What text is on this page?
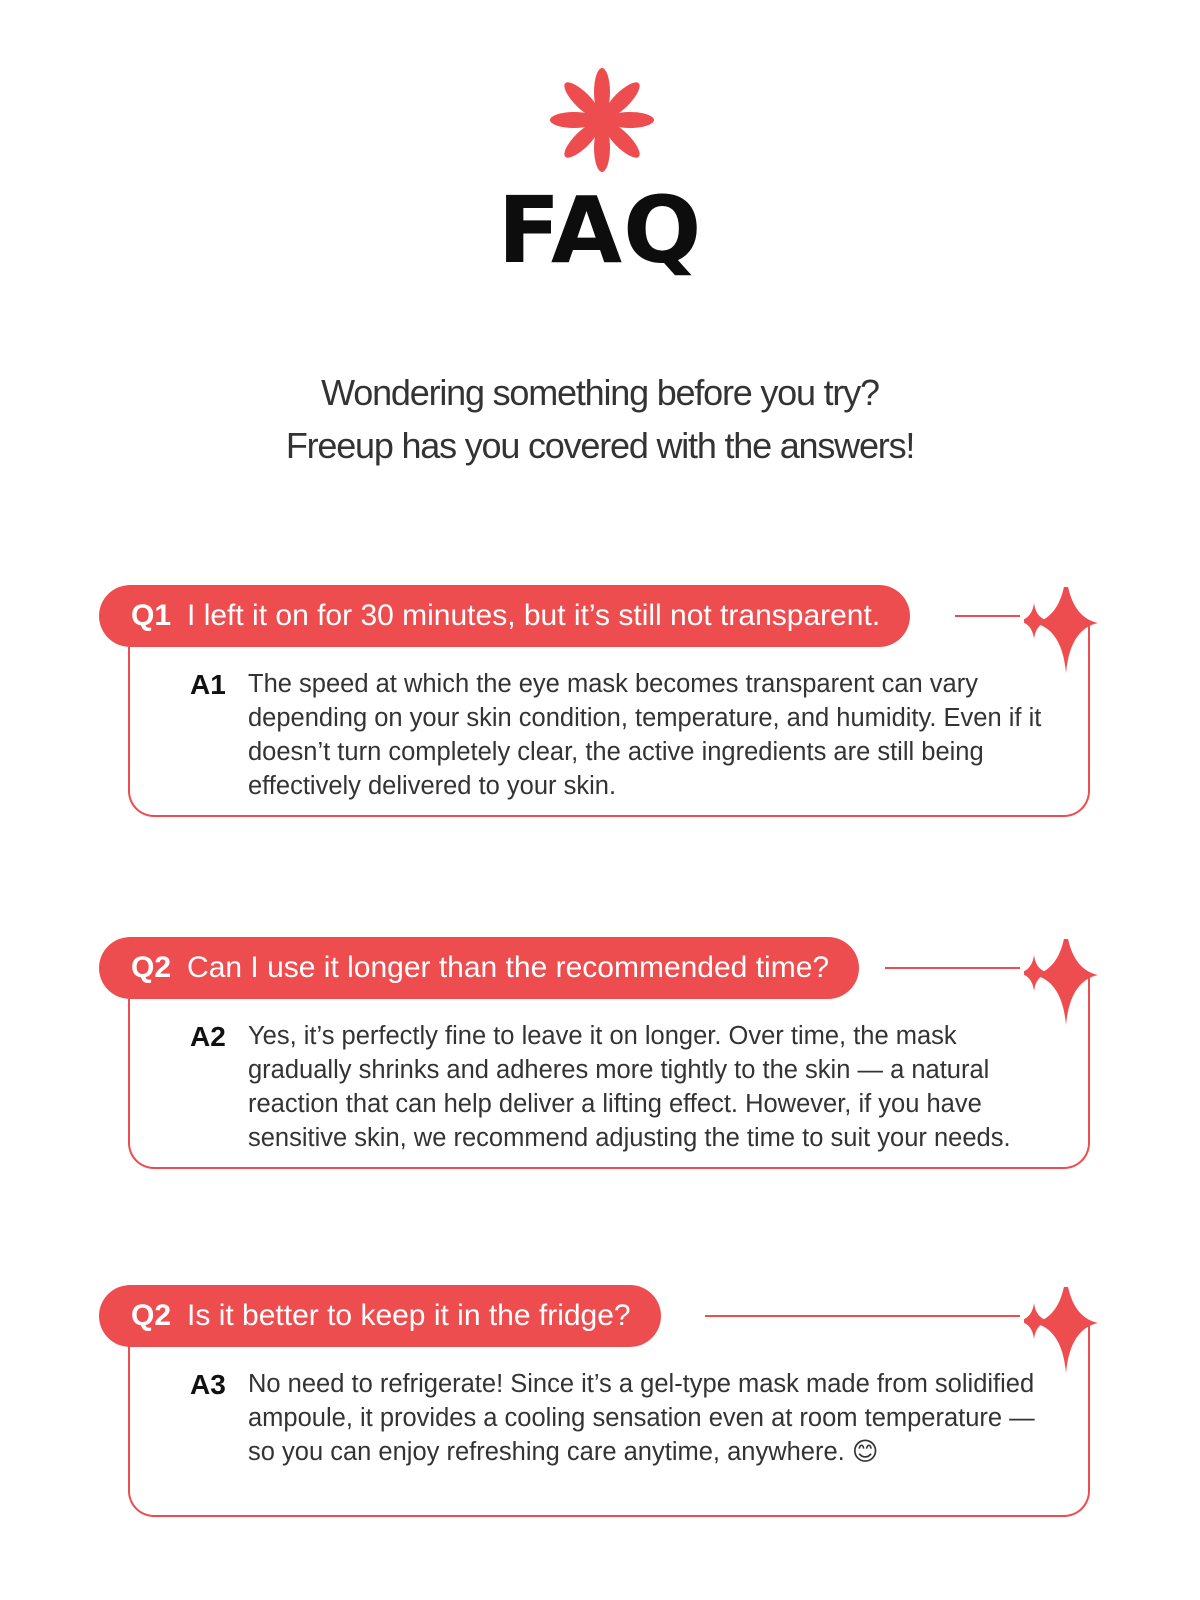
FAQ
Wondering something before you try?
Freeup has you covered with the answers!
Q1 I left it on for 30 minutes, but it’s still not transparent.
A1 The speed at which the eye mask becomes transparent can vary depending on your skin condition, temperature, and humidity. Even if it doesn’t turn completely clear, the active ingredients are still being effectively delivered to your skin.

Q2 Can I use it longer than the recommended time?
A2 Yes, it’s perfectly fine to leave it on longer. Over time, the mask gradually shrinks and adheres more tightly to the skin — a natural reaction that can help deliver a lifting effect. However, if you have sensitive skin, we recommend adjusting the time to suit your needs.

Q2 Is it better to keep it in the fridge?
A3 No need to refrigerate! Since it’s a gel-type mask made from solidified ampoule, it provides a cooling sensation even at room temperature — so you can enjoy refreshing care anytime, anywhere. 😊
